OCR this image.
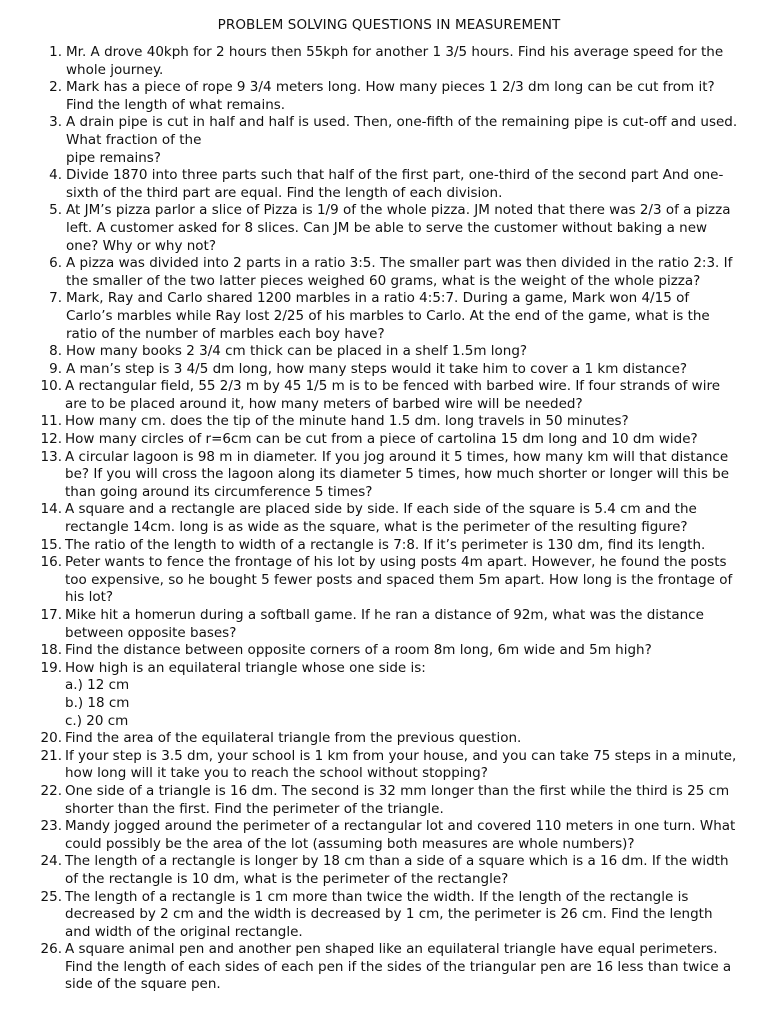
PROBLEM SOLVING QUESTIONS IN MEASUREMENT
1. Mr. A drove 40kph for 2 hours then 55kph for another 1 3/5 hours. Find his average speed for the
whole journey.
2. Mark has a piece of rope 9 3/4 meters long. How many pieces 1 2/3 dm long can be cut from it?
Find the length of what remains.
3. A drain pipe is cut in half and half is used. Then, one-fifth of the remaining pipe is cut-off and used.
What fraction of the
pipe remains?
4. Divide 1870 into three parts such that half of the first part, one-third of the second part And one-
sixth of the third part are equal. Find the length of each division.
5. At JM’s pizza parlor a slice of Pizza is 1/9 of the whole pizza. JM noted that there was 2/3 of a pizza
left. A customer asked for 8 slices. Can JM be able to serve the customer without baking a new
one? Why or why not?
6. A pizza was divided into 2 parts in a ratio 3:5. The smaller part was then divided in the ratio 2:3. If
the smaller of the two latter pieces weighed 60 grams, what is the weight of the whole pizza?
7. Mark, Ray and Carlo shared 1200 marbles in a ratio 4:5:7. During a game, Mark won 4/15 of
Carlo’s marbles while Ray lost 2/25 of his marbles to Carlo. At the end of the game, what is the
ratio of the number of marbles each boy have?
8. How many books 2 3/4 cm thick can be placed in a shelf 1.5m long?
9. A man’s step is 3 4/5 dm long, how many steps would it take him to cover a 1 km distance?
10. A rectangular field, 55 2/3 m by 45 1/5 m is to be fenced with barbed wire. If four strands of wire
are to be placed around it, how many meters of barbed wire will be needed?
11. How many cm. does the tip of the minute hand 1.5 dm. long travels in 50 minutes?
12. How many circles of r=6cm can be cut from a piece of cartolina 15 dm long and 10 dm wide?
13. A circular lagoon is 98 m in diameter. If you jog around it 5 times, how many km will that distance
be? If you will cross the lagoon along its diameter 5 times, how much shorter or longer will this be
than going around its circumference 5 times?
14. A square and a rectangle are placed side by side. If each side of the square is 5.4 cm and the
rectangle 14cm. long is as wide as the square, what is the perimeter of the resulting figure?
15. The ratio of the length to width of a rectangle is 7:8. If it’s perimeter is 130 dm, find its length.
16. Peter wants to fence the frontage of his lot by using posts 4m apart. However, he found the posts
too expensive, so he bought 5 fewer posts and spaced them 5m apart. How long is the frontage of
his lot?
17. Mike hit a homerun during a softball game. If he ran a distance of 92m, what was the distance
between opposite bases?
18. Find the distance between opposite corners of a room 8m long, 6m wide and 5m high?
19. How high is an equilateral triangle whose one side is:
a.) 12 cm
b.) 18 cm
c.) 20 cm
20. Find the area of the equilateral triangle from the previous question.
21. If your step is 3.5 dm, your school is 1 km from your house, and you can take 75 steps in a minute,
how long will it take you to reach the school without stopping?
22. One side of a triangle is 16 dm. The second is 32 mm longer than the first while the third is 25 cm
shorter than the first. Find the perimeter of the triangle.
23. Mandy jogged around the perimeter of a rectangular lot and covered 110 meters in one turn. What
could possibly be the area of the lot (assuming both measures are whole numbers)?
24. The length of a rectangle is longer by 18 cm than a side of a square which is a 16 dm. If the width
of the rectangle is 10 dm, what is the perimeter of the rectangle?
25. The length of a rectangle is 1 cm more than twice the width. If the length of the rectangle is
decreased by 2 cm and the width is decreased by 1 cm, the perimeter is 26 cm. Find the length
and width of the original rectangle.
26. A square animal pen and another pen shaped like an equilateral triangle have equal perimeters.
Find the length of each sides of each pen if the sides of the triangular pen are 16 less than twice a
side of the square pen.
